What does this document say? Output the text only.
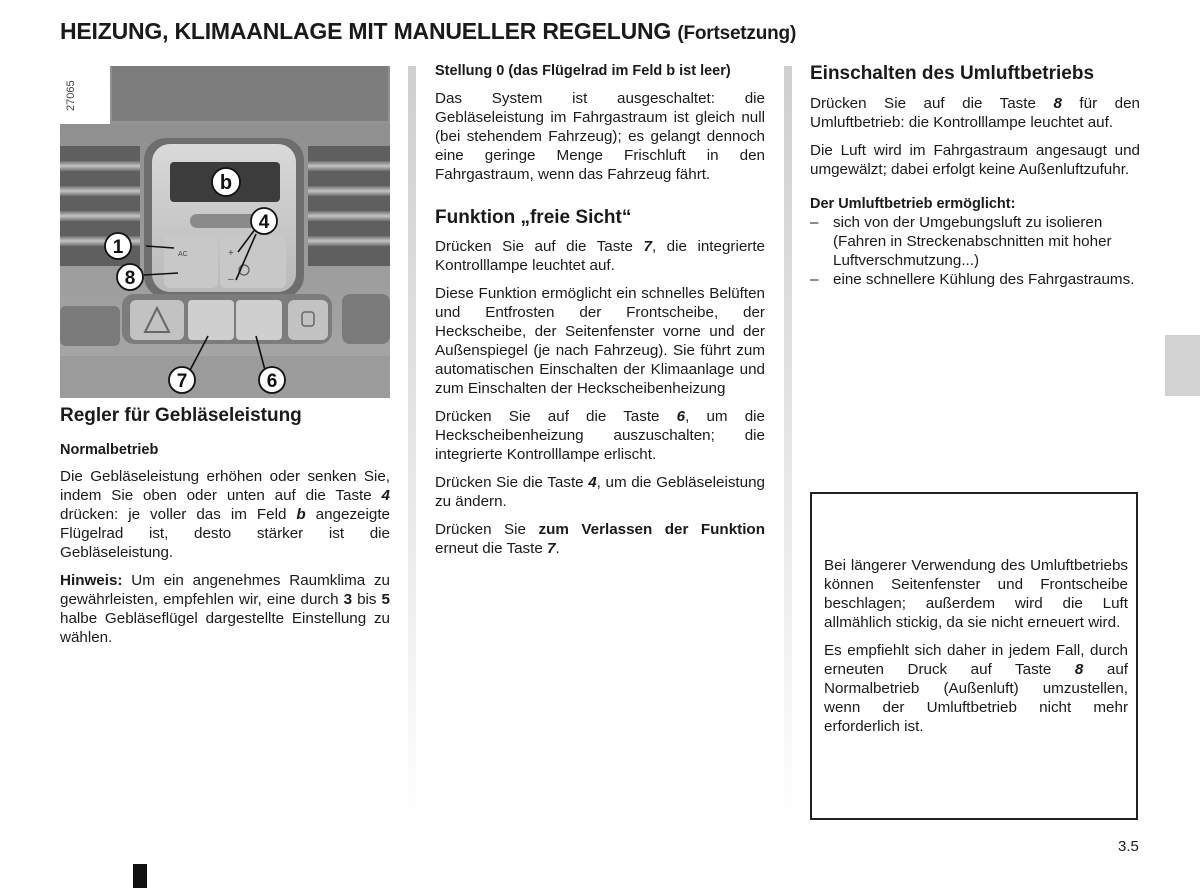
HEIZUNG, KLIMAANLAGE MIT MANUELLER REGELUNG (Fortsetzung)
AC	+
–
b
4
1
8
7	6
27065
Regler für Gebläseleistung
Normalbetrieb

Die Gebläseleistung erhöhen oder senken Sie, indem Sie oben oder unten auf die Taste 4 drücken: je voller das im Feld b angezeigte Flügelrad ist, desto stärker ist die Gebläseleistung.

Hinweis: Um ein angenehmes Raumklima zu gewährleisten, empfehlen wir, eine durch 3 bis 5 halbe Gebläseflügel dargestellte Einstellung zu wählen.

Stellung 0 (das Flügelrad im Feld b ist leer)

Das System ist ausgeschaltet: die Gebläseleistung im Fahrgastraum ist gleich null (bei stehendem Fahrzeug); es gelangt dennoch eine geringe Menge Frischluft in den Fahrgastraum, wenn das Fahrzeug fährt.

Funktion „freie Sicht“

Drücken Sie auf die Taste 7, die integrierte Kontrolllampe leuchtet auf.

Diese Funktion ermöglicht ein schnelles Belüften und Entfrosten der Frontscheibe, der Heckscheibe, der Seitenfenster vorne und der Außenspiegel (je nach Fahrzeug). Sie führt zum automatischen Einschalten der Klimaanlage und zum Einschalten der Heckscheibenheizung

Drücken Sie auf die Taste 6, um die Heckscheibenheizung auszuschalten; die integrierte Kontrolllampe erlischt.

Drücken Sie die Taste 4, um die Gebläseleistung zu ändern.

Drücken Sie zum Verlassen der Funktion erneut die Taste 7.

Einschalten des Umluftbetriebs

Drücken Sie auf die Taste 8 für den Umluftbetrieb: die Kontrolllampe leuchtet auf.

Die Luft wird im Fahrgastraum angesaugt und umgewälzt; dabei erfolgt keine Außenluftzufuhr.

Der Umluftbetrieb ermöglicht:
– sich von der Umgebungsluft zu isolieren (Fahren in Streckenabschnitten mit hoher Luftverschmutzung...)
– eine schnellere Kühlung des Fahrgastraums.

Bei längerer Verwendung des Umluftbetriebs können Seitenfenster und Frontscheibe beschlagen; außerdem wird die Luft allmählich stickig, da sie nicht erneuert wird.

Es empfiehlt sich daher in jedem Fall, durch erneuten Druck auf Taste 8 auf Normalbetrieb (Außenluft) umzustellen, wenn der Umluftbetrieb nicht mehr erforderlich ist.

3.5
